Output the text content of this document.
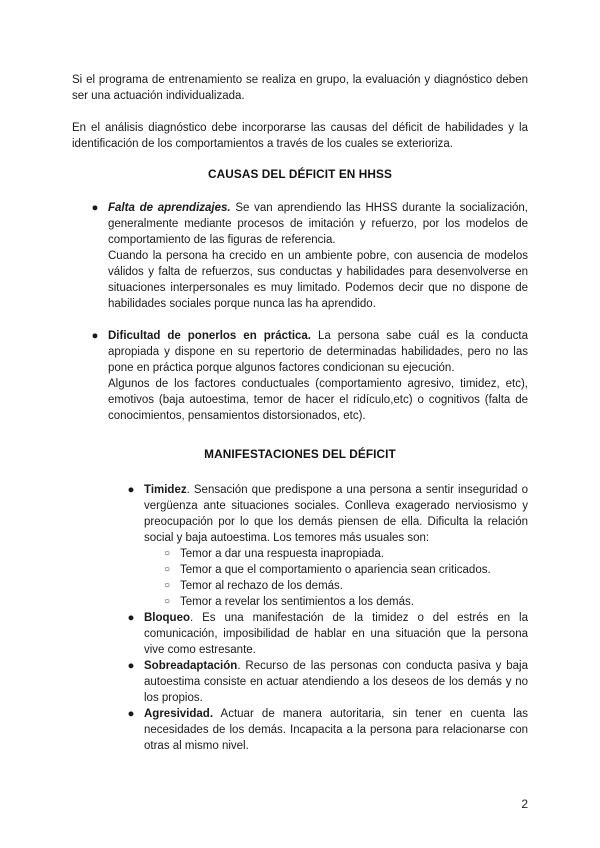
Si el programa de entrenamiento se realiza en grupo, la evaluación y diagnóstico deben ser una actuación individualizada.

En el análisis diagnóstico debe incorporarse las causas del déficit de habilidades y la identificación de los comportamientos a través de los cuales se exterioriza.

CAUSAS DEL DÉFICIT EN HHSS
● Falta de aprendizajes. Se van aprendiendo las HHSS durante la socialización, generalmente mediante procesos de imitación y refuerzo, por los modelos de comportamiento de las figuras de referencia.
Cuando la persona ha crecido en un ambiente pobre, con ausencia de modelos válidos y falta de refuerzos, sus conductas y habilidades para desenvolverse en situaciones interpersonales es muy limitado. Podemos decir que no dispone de habilidades sociales porque nunca las ha aprendido.
● Dificultad de ponerlos en práctica. La persona sabe cuál es la conducta apropiada y dispone en su repertorio de determinadas habilidades, pero no las pone en práctica porque algunos factores condicionan su ejecución.
Algunos de los factores conductuales (comportamiento agresivo, timidez, etc), emotivos (baja autoestima, temor de hacer el ridículo,etc) o cognitivos (falta de conocimientos, pensamientos distorsionados, etc).
MANIFESTACIONES DEL DÉFICIT
● Timidez. Sensación que predispone a una persona a sentir inseguridad o vergüenza ante situaciones sociales. Conlleva exagerado nerviosismo y preocupación por lo que los demás piensen de ella. Dificulta la relación social y baja autoestima. Los temores más usuales son:
○ Temor a dar una respuesta inapropiada.
○ Temor a que el comportamiento o apariencia sean criticados.
○ Temor al rechazo de los demás.
○ Temor a revelar los sentimientos a los demás.
● Bloqueo. Es una manifestación de la timidez o del estrés en la comunicación, imposibilidad de hablar en una situación que la persona vive como estresante.
● Sobreadaptación. Recurso de las personas con conducta pasiva y baja autoestima consiste en actuar atendiendo a los deseos de los demás y no los propios.
● Agresividad. Actuar de manera autoritaria, sin tener en cuenta las necesidades de los demás. Incapacita a la persona para relacionarse con otras al mismo nivel.
2
